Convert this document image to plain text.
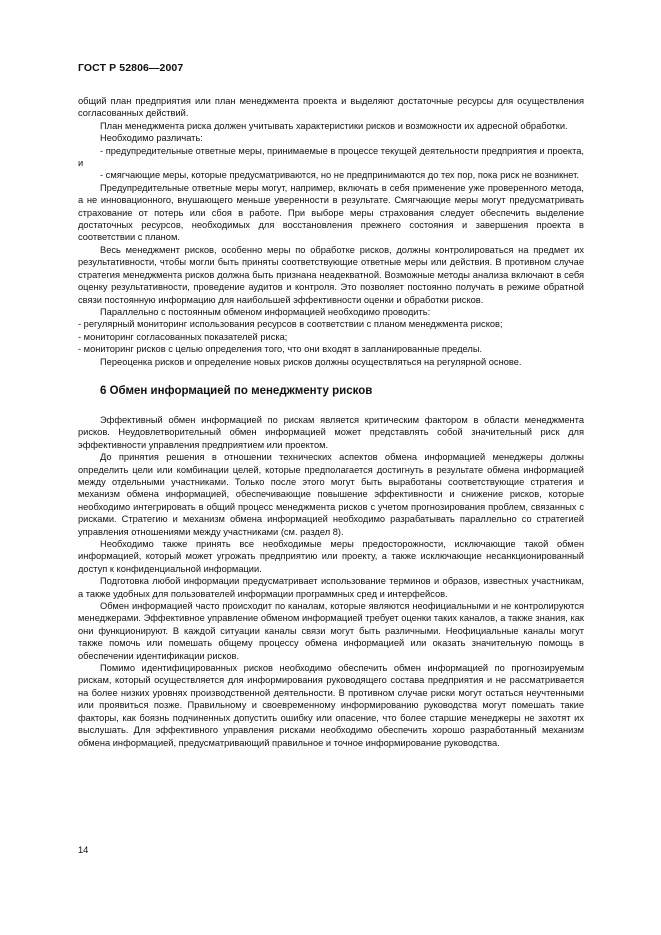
ГОСТ Р 52806—2007

общий план предприятия или план менеджмента проекта и выделяют достаточные ресурсы для осуществления согласованных действий.

План менеджмента риска должен учитывать характеристики рисков и возможности их адресной обработки.

Необходимо различать:

- предупредительные ответные меры, принимаемые в процессе текущей деятельности предприятия и проекта, и

- смягчающие меры, которые предусматриваются, но не предпринимаются до тех пор, пока риск не возникнет.

Предупредительные ответные меры могут, например, включать в себя применение уже проверенного метода, а не инновационного, внушающего меньше уверенности в результате. Смягчающие меры могут предусматривать страхование от потерь или сбоя в работе. При выборе меры страхования следует обеспечить выделение достаточных ресурсов, необходимых для восстановления прежнего состояния и завершения проекта в соответствии с планом.

Весь менеджмент рисков, особенно меры по обработке рисков, должны контролироваться на предмет их результативности, чтобы могли быть приняты соответствующие ответные меры или действия. В противном случае стратегия менеджмента рисков должна быть признана неадекватной. Возможные методы анализа включают в себя оценку результативности, проведение аудитов и контроля. Это позволяет постоянно получать в режиме обратной связи постоянную информацию для наибольшей эффективности оценки и обработки рисков.

Параллельно с постоянным обменом информацией необходимо проводить:

- регулярный мониторинг использования ресурсов в соответствии с планом менеджмента рисков;

- мониторинг согласованных показателей риска;

- мониторинг рисков с целью определения того, что они входят в запланированные пределы.

Переоценка рисков и определение новых рисков должны осуществляться на регулярной основе.

6 Обмен информацией по менеджменту рисков

Эффективный обмен информацией по рискам является критическим фактором в области менеджмента рисков. Неудовлетворительный обмен информацией может представлять собой значительный риск для эффективности управления предприятием или проектом.

До принятия решения в отношении технических аспектов обмена информацией менеджеры должны определить цели или комбинации целей, которые предполагается достигнуть в результате обмена информацией между отдельными участниками. Только после этого могут быть выработаны соответствующие стратегия и механизм обмена информацией, обеспечивающие повышение эффективности и снижение рисков, которые необходимо интегрировать в общий процесс менеджмента рисков с учетом прогнозирования проблем, связанных с рисками. Стратегию и механизм обмена информацией необходимо разрабатывать параллельно со стратегией управления отношениями между участниками (см. раздел 8).

Необходимо также принять все необходимые меры предосторожности, исключающие такой обмен информацией, который может угрожать предприятию или проекту, а также исключающие несанкционированный доступ к конфиденциальной информации.

Подготовка любой информации предусматривает использование терминов и образов, известных участникам, а также удобных для пользователей информации программных сред и интерфейсов.

Обмен информацией часто происходит по каналам, которые являются неофициальными и не контролируются менеджерами. Эффективное управление обменом информацией требует оценки таких каналов, а также знания, как они функционируют. В каждой ситуации каналы связи могут быть различными. Неофициальные каналы могут также помочь или помешать общему процессу обмена информацией или оказать значительную помощь в обеспечении идентификации рисков.

Помимо идентифицированных рисков необходимо обеспечить обмен информацией по прогнозируемым рискам, который осуществляется для информирования руководящего состава предприятия и не рассматривается на более низких уровнях производственной деятельности. В противном случае риски могут остаться неучтенными или проявиться позже. Правильному и своевременному информированию руководства могут помешать такие факторы, как боязнь подчиненных допустить ошибку или опасение, что более старшие менеджеры не захотят их выслушать. Для эффективного управления рисками необходимо обеспечить хорошо разработанный механизм обмена информацией, предусматривающий правильное и точное информирование руководства.

14
